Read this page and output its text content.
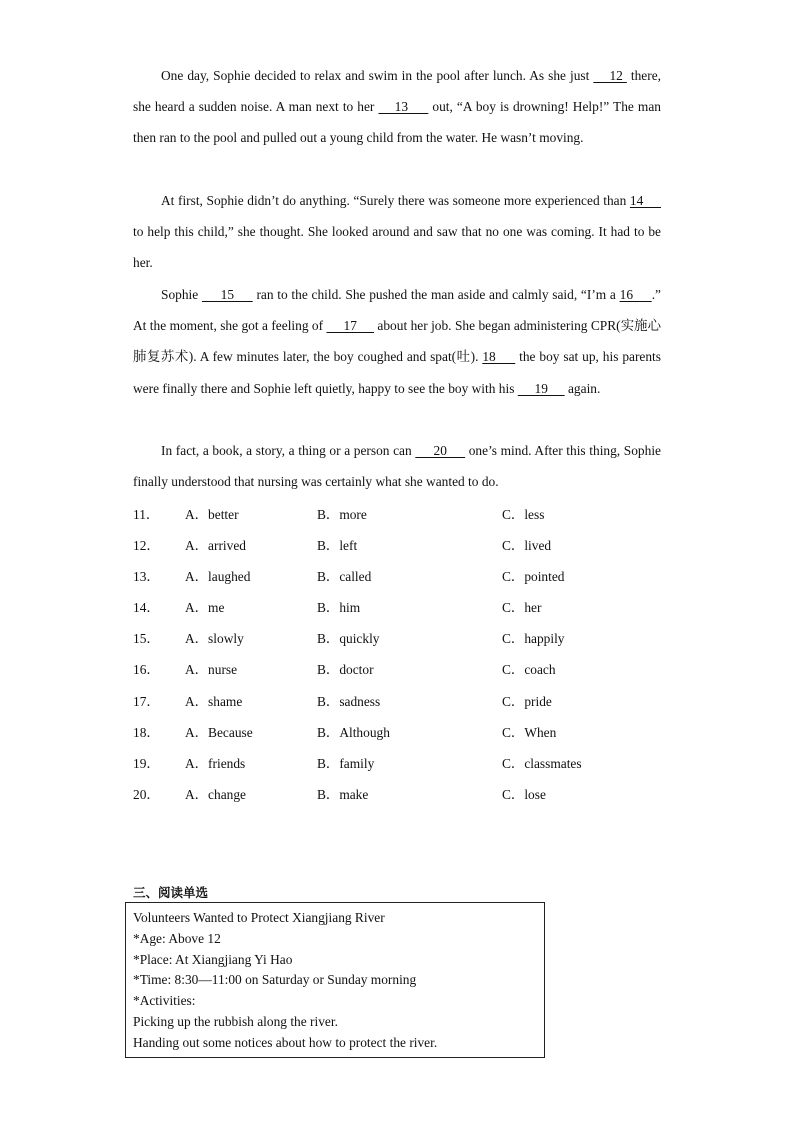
One day, Sophie decided to relax and swim in the pool after lunch. As she just     12  there, she heard a sudden noise. A man next to her     13      out, “A boy is drowning! Help!” The man then ran to the pool and pulled out a young child from the water. He wasn’t moving.
At first, Sophie didn’t do anything. “Surely there was someone more experienced than 14      to help this child,” she thought. She looked around and saw that no one was coming. It had to be her.
Sophie      15      ran to the child. She pushed the man aside and calmly said, “I’m a 16     .” At the moment, she got a feeling of      17      about her job. She began administering CPR(实施心肺复苏术). A few minutes later, the boy coughed and spat(吐). 18      the boy sat up, his parents were finally there and Sophie left quietly, happy to see the boy with his      19      again.
In fact, a book, a story, a thing or a person can      20      one’s mind. After this thing, Sophie finally understood that nursing was certainly what she wanted to do.
11． A．better	B．more	C．less
12． A．arrived	B．left	C．lived
13． A．laughed	B．called	C．pointed
14． A．me	B．him	C．her
15． A．slowly	B．quickly	C．happily
16． A．nurse	B．doctor	C．coach
17． A．shame	B．sadness	C．pride
18． A．Because	B．Although	C．When
19． A．friends	B．family	C．classmates
20． A．change	B．make	C．lose
三、阅读单选
Volunteers Wanted to Protect Xiangjiang River
*Age: Above 12
*Place: At Xiangjiang Yi Hao
*Time: 8:30—11:00 on Saturday or Sunday morning
*Activities:
Picking up the rubbish along the river.
Handing out some notices about how to protect the river.
